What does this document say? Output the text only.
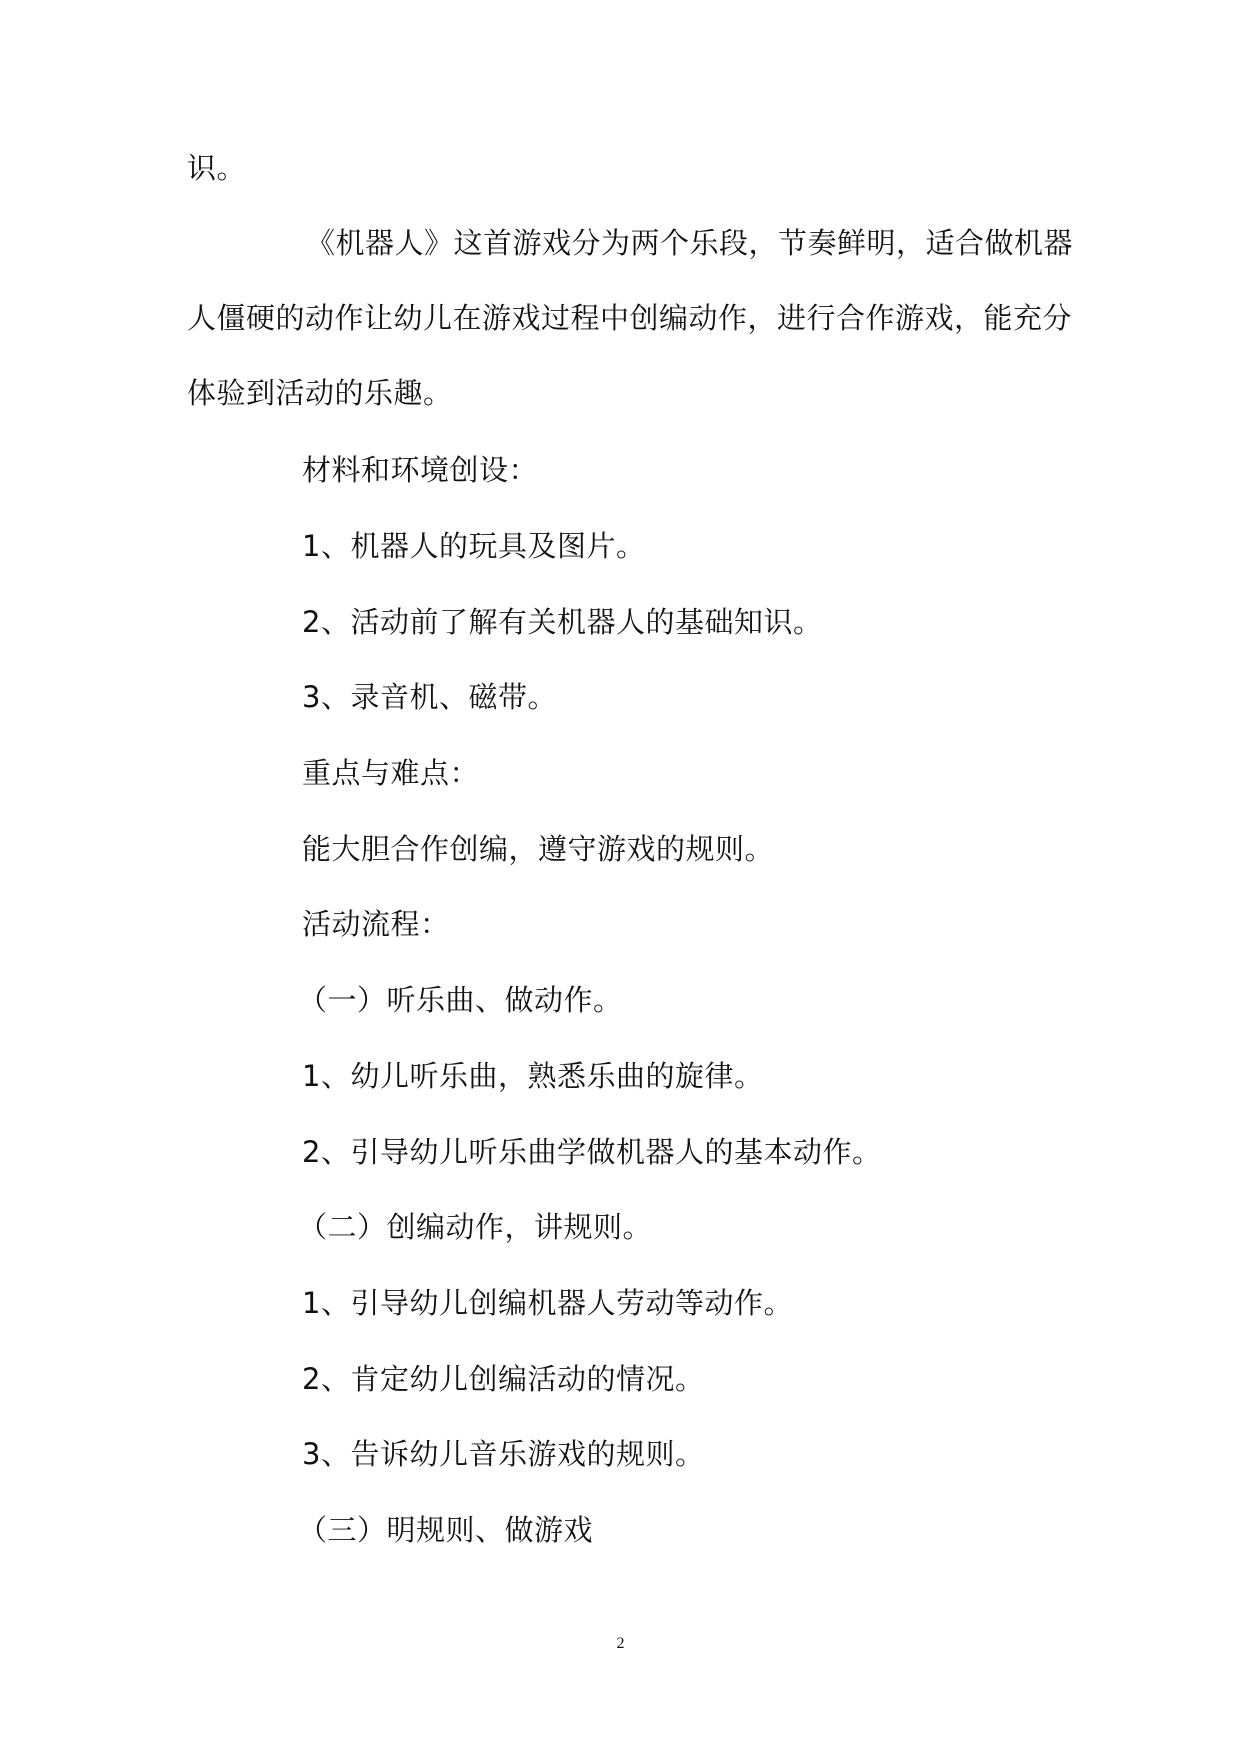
识。
《机器人》这首游戏分为两个乐段，节奏鲜明，适合做机器
人僵硬的动作让幼儿在游戏过程中创编动作，进行合作游戏，能充分
体验到活动的乐趣。
材料和环境创设：
1、机器人的玩具及图片。
2、活动前了解有关机器人的基础知识。
3、录音机、磁带。
重点与难点：
能大胆合作创编，遵守游戏的规则。
活动流程：
（一）听乐曲、做动作。
1、幼儿听乐曲，熟悉乐曲的旋律。
2、引导幼儿听乐曲学做机器人的基本动作。
（二）创编动作，讲规则。
1、引导幼儿创编机器人劳动等动作。
2、肯定幼儿创编活动的情况。
3、告诉幼儿音乐游戏的规则。
（三）明规则、做游戏
2
